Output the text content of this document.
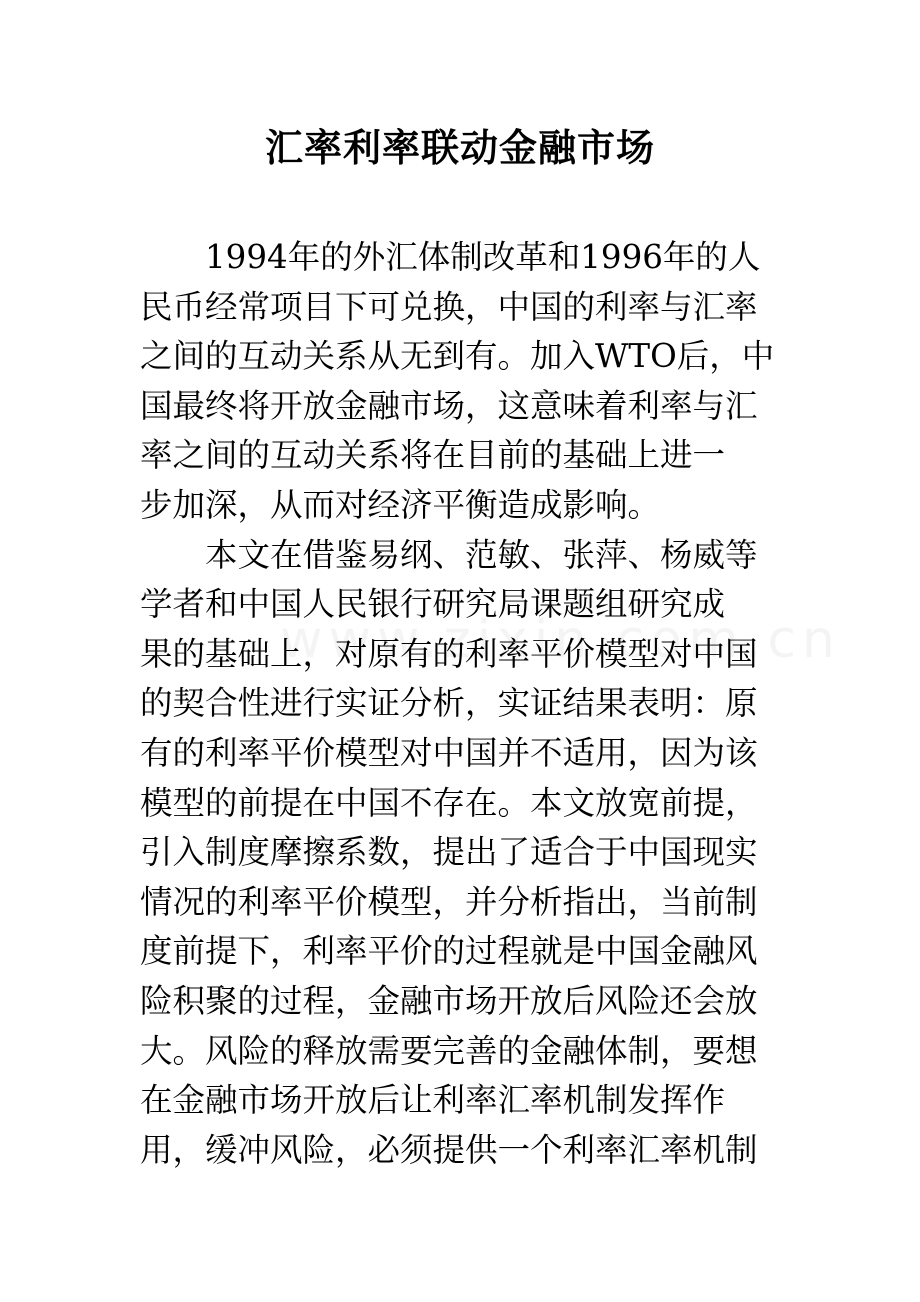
汇率利率联动金融市场
1994年的外汇体制改革和1996年的人
民币经常项目下可兑换，中国的利率与汇率
之间的互动关系从无到有。加入WTO后，中
国最终将开放金融市场，这意味着利率与汇
率之间的互动关系将在目前的基础上进一
步加深，从而对经济平衡造成影响。
本文在借鉴易纲、范敏、张萍、杨威等
学者和中国人民银行研究局课题组研究成
果的基础上，对原有的利率平价模型对中国
的契合性进行实证分析，实证结果表明：原
有的利率平价模型对中国并不适用，因为该
模型的前提在中国不存在。本文放宽前提，
引入制度摩擦系数，提出了适合于中国现实
情况的利率平价模型，并分析指出，当前制
度前提下，利率平价的过程就是中国金融风
险积聚的过程，金融市场开放后风险还会放
大。风险的释放需要完善的金融体制，要想
在金融市场开放后让利率汇率机制发挥作
用，缓冲风险，必须提供一个利率汇率机制
